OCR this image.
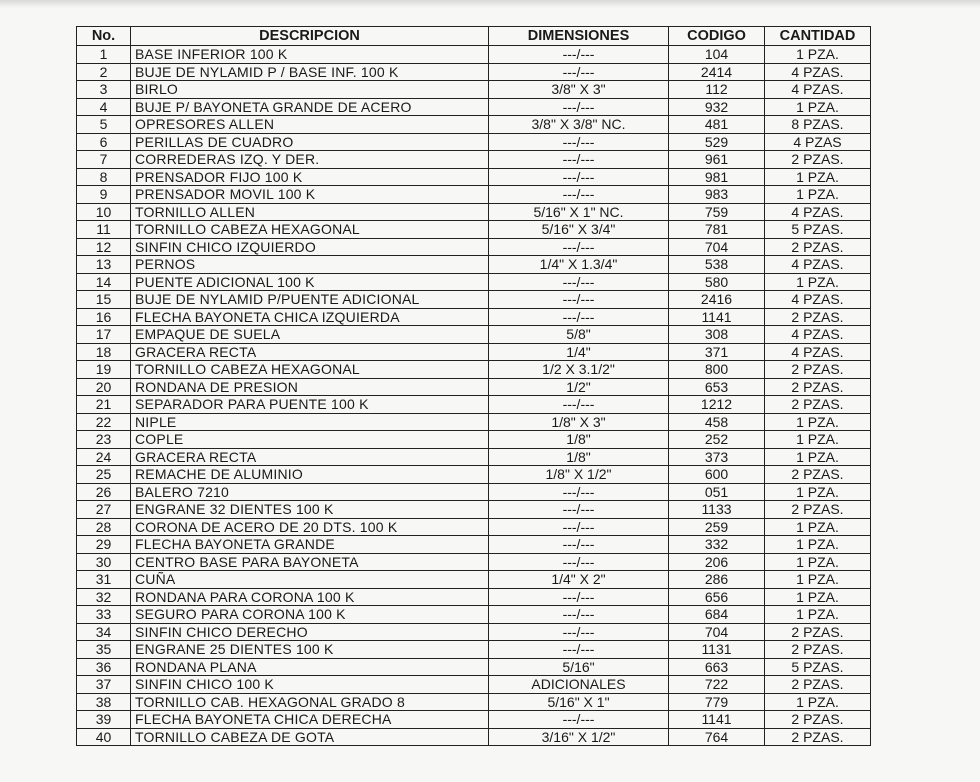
No.	DESCRIPCION	DIMENSIONES	CODIGO	CANTIDAD
1	BASE INFERIOR 100 K	---/---	104	1 PZA.
2	BUJE DE NYLAMID P / BASE INF. 100 K	---/---	2414	4 PZAS.
3	BIRLO	3/8" X 3"	112	4 PZAS.
4	BUJE P/ BAYONETA GRANDE DE ACERO	---/---	932	1 PZA.
5	OPRESORES ALLEN	3/8" X 3/8" NC.	481	8 PZAS.
6	PERILLAS DE CUADRO	---/---	529	4 PZAS
7	CORREDERAS IZQ. Y DER.	---/---	961	2 PZAS.
8	PRENSADOR FIJO 100 K	---/---	981	1 PZA.
9	PRENSADOR MOVIL 100 K	---/---	983	1 PZA.
10	TORNILLO ALLEN	5/16" X 1" NC.	759	4 PZAS.
11	TORNILLO CABEZA HEXAGONAL	5/16" X 3/4"	781	5 PZAS.
12	SINFIN CHICO IZQUIERDO	---/---	704	2 PZAS.
13	PERNOS	1/4" X 1.3/4"	538	4 PZAS.
14	PUENTE ADICIONAL 100 K	---/---	580	1 PZA.
15	BUJE DE NYLAMID P/PUENTE ADICIONAL	---/---	2416	4 PZAS.
16	FLECHA BAYONETA CHICA IZQUIERDA	---/---	1141	2 PZAS.
17	EMPAQUE DE SUELA	5/8"	308	4 PZAS.
18	GRACERA RECTA	1/4"	371	4 PZAS.
19	TORNILLO CABEZA HEXAGONAL	1/2 X 3.1/2"	800	2 PZAS.
20	RONDANA DE PRESION	1/2"	653	2 PZAS.
21	SEPARADOR PARA PUENTE 100 K	---/---	1212	2 PZAS.
22	NIPLE	1/8" X 3"	458	1 PZA.
23	COPLE	1/8"	252	1 PZA.
24	GRACERA RECTA	1/8"	373	1 PZA.
25	REMACHE DE ALUMINIO	1/8" X 1/2"	600	2 PZAS.
26	BALERO 7210	---/---	051	1 PZA.
27	ENGRANE 32 DIENTES 100 K	---/---	1133	2 PZAS.
28	CORONA DE ACERO DE 20 DTS. 100 K	---/---	259	1 PZA.
29	FLECHA BAYONETA GRANDE	---/---	332	1 PZA.
30	CENTRO BASE PARA BAYONETA	---/---	206	1 PZA.
31	CUÑA	1/4" X 2"	286	1 PZA.
32	RONDANA PARA CORONA 100 K	---/---	656	1 PZA.
33	SEGURO PARA CORONA 100 K	---/---	684	1 PZA.
34	SINFIN CHICO DERECHO	---/---	704	2 PZAS.
35	ENGRANE 25 DIENTES 100 K	---/---	1131	2 PZAS.
36	RONDANA PLANA	5/16"	663	5 PZAS.
37	SINFIN CHICO 100 K	ADICIONALES	722	2 PZAS.
38	TORNILLO CAB. HEXAGONAL GRADO 8	5/16" X 1"	779	1 PZA.
39	FLECHA BAYONETA CHICA DERECHA	---/---	1141	2 PZAS.
40	TORNILLO CABEZA DE GOTA	3/16" X 1/2"	764	2 PZAS.
